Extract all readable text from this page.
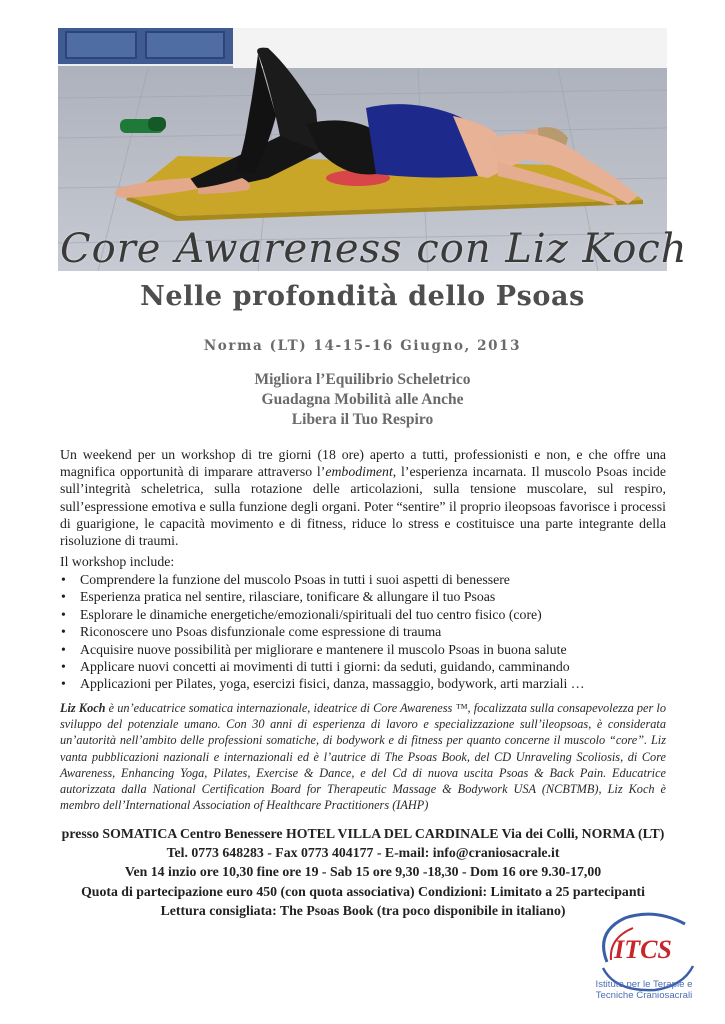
Core Awareness con Liz Koch
Nelle profondità dello Psoas
Norma (LT) 14-15-16 Giugno, 2013
Migliora l’Equilibrio Scheletrico
Guadagna Mobilità alle Anche
Libera il Tuo Respiro

Un weekend per un workshop di tre giorni (18 ore) aperto a tutti, professionisti e non, e che offre una magnifica opportunità di imparare attraverso l’embodiment, l’esperienza incarnata. Il muscolo Psoas incide sull’integrità scheletrica, sulla rotazione delle articolazioni, sulla tensione muscolare, sul respiro, sull’espressione emotiva e sulla funzione degli organi. Poter “sentire” il proprio ileopsoas favorisce i processi di guarigione, le capacità movimento e di fitness, riduce lo stress e costituisce una parte integrante della risoluzione di traumi.

Il workshop include:
• Comprendere la funzione del muscolo Psoas in tutti i suoi aspetti di benessere
• Esperienza pratica nel sentire, rilasciare, tonificare & allungare il tuo Psoas
• Esplorare le dinamiche energetiche/emozionali/spirituali del tuo centro fisico (core)
• Riconoscere uno Psoas disfunzionale come espressione di trauma
• Acquisire nuove possibilità per migliorare e mantenere il muscolo Psoas in buona salute
• Applicare nuovi concetti ai movimenti di tutti i giorni: da seduti, guidando, camminando
• Applicazioni per Pilates, yoga, esercizi fisici, danza, massaggio, bodywork, arti marziali …
Liz Koch è un’educatrice somatica internazionale, ideatrice di Core Awareness ™, focalizzata sulla consapevolezza per lo sviluppo del potenziale umano. Con 30 anni di esperienza di lavoro e specializzazione sull’ileopsoas, è considerata un’autorità nell’ambito delle professioni somatiche, di bodywork e di fitness per quanto concerne il muscolo “core”. Liz vanta pubblicazioni nazionali e internazionali ed è l’autrice di The Psoas Book, del CD Unraveling Scoliosis, di Core Awareness, Enhancing Yoga, Pilates, Exercise & Dance, e del Cd di nuova uscita Psoas & Back Pain. Educatrice autorizzata dalla National Certification Board for Therapeutic Massage & Bodywork USA (NCBTMB), Liz Koch è membro dell’International Association of Healthcare Practitioners (IAHP)
presso SOMATICA Centro Benessere HOTEL VILLA DEL CARDINALE Via dei Colli, NORMA (LT)
Tel. 0773 648283 - Fax 0773 404177 - E-mail: info@craniosacrale.it
Ven 14 inzio ore 10,30 fine ore 19 - Sab 15 ore 9,30 -18,30 - Dom 16 ore 9.30-17,00
Quota di partecipazione euro 450 (con quota associativa) Condizioni: Limitato a 25 partecipanti
Lettura consigliata: The Psoas Book (tra poco disponibile in italiano)
ITCS
Istituto per le Terapie e
Tecniche Craniosacrali
